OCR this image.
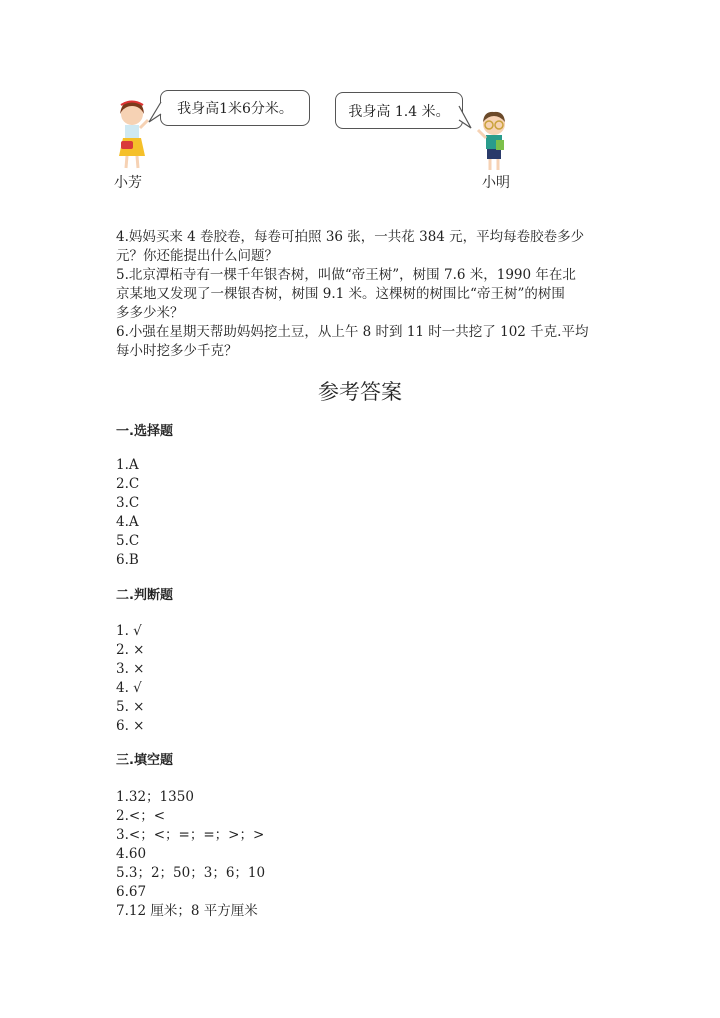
小芳
我身高1米6分米。	我身高 1.4 米。
小明
4.妈妈买来 4 卷胶卷，每卷可拍照 36 张，一共花 384 元，平均每卷胶卷多少
元？你还能提出什么问题？
5.北京潭柘寺有一棵千年银杏树，叫做“帝王树”，树围 7.6 米，1990 年在北
京某地又发现了一棵银杏树，树围 9.1 米。这棵树的树围比“帝王树”的树围
多多少米？
6.小强在星期天帮助妈妈挖土豆，从上午 8 时到 11 时一共挖了 102 千克.平均
每小时挖多少千克？
参考答案
一.选择题
1.A
2.C
3.C
4.A
5.C
6.B
二.判断题
1. √
2. ×
3. ×
4. √
5. ×
6. ×
三.填空题
1.32；1350
2.<；<
3.<；<；=；=；>；>
4.60
5.3；2；50；3；6；10
6.67
7.12 厘米；8 平方厘米
